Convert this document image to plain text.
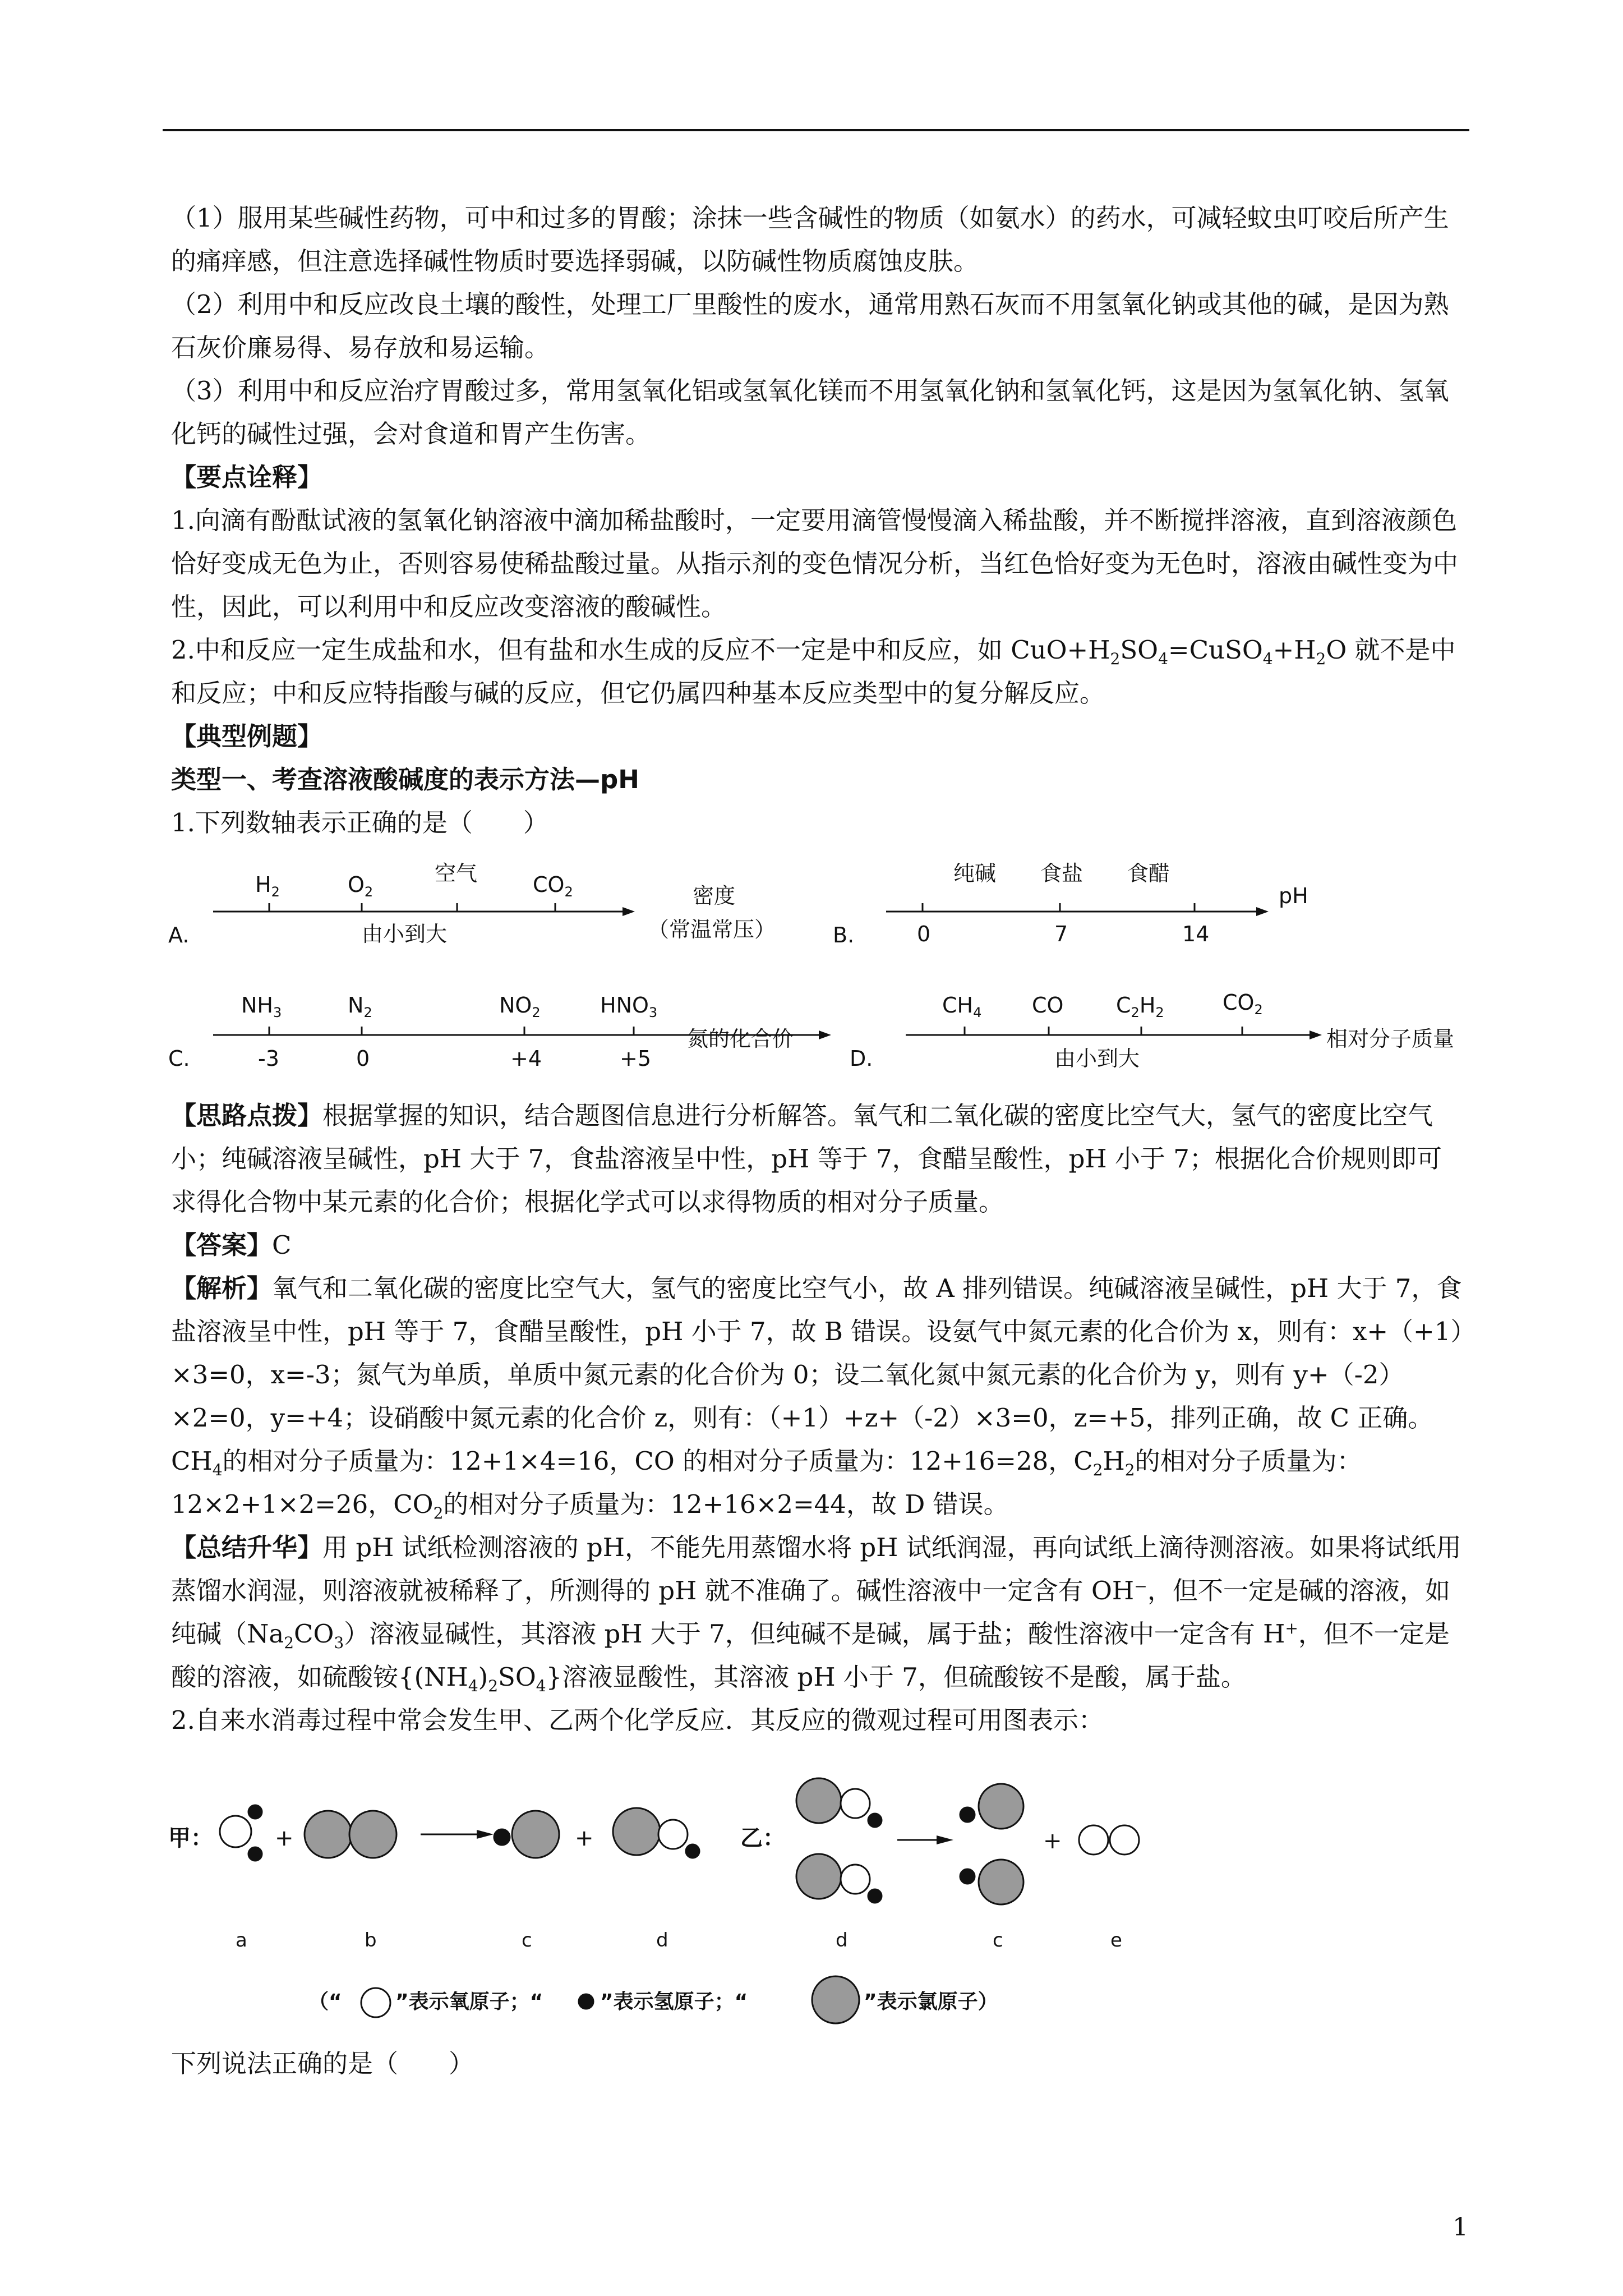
（1）服用某些碱性药物，可中和过多的胃酸；涂抹一些含碱性的物质（如氨水）的药水，可减轻蚊虫叮咬后所产生的痛痒感，但注意选择碱性物质时要选择弱碱，以防碱性物质腐蚀皮肤。

（2）利用中和反应改良土壤的酸性，处理工厂里酸性的废水，通常用熟石灰而不用氢氧化钠或其他的碱，是因为熟石灰价廉易得、易存放和易运输。

（3）利用中和反应治疗胃酸过多，常用氢氧化铝或氢氧化镁而不用氢氧化钠和氢氧化钙，这是因为氢氧化钠、氢氧化钙的碱性过强，会对食道和胃产生伤害。

【要点诠释】

1.向滴有酚酞试液的氢氧化钠溶液中滴加稀盐酸时，一定要用滴管慢慢滴入稀盐酸，并不断搅拌溶液，直到溶液颜色恰好变成无色为止，否则容易使稀盐酸过量。从指示剂的变色情况分析，当红色恰好变为无色时，溶液由碱性变为中性，因此，可以利用中和反应改变溶液的酸碱性。

2.中和反应一定生成盐和水，但有盐和水生成的反应不一定是中和反应，如 $CuO+H_2SO_4=CuSO_4+H_2O$ 就不是中和反应；中和反应特指酸与碱的反应，但它仍属四种基本反应类型中的复分解反应。

【典型例题】

类型一、考查溶液酸碱度的表示方法—pH

1.下列数轴表示正确的是（　　）

A.
$H_2$	$O_2$
空气	$CO_2$
由小到大
密度
（常温常压）	B.
纯碱 食盐 食醋
0	7	14
pH
C.
$NH_3$	$N_2$	$NO_2$	$HNO_3$
-3	0	+4	+5
氮的化合价
D.
$CH_4$ CO $C_2H_2$	$CO_2$
由小到大
相对分子质量

【思路点拨】根据掌握的知识，结合题图信息进行分析解答。氧气和二氧化碳的密度比空气大，氢气的密度比空气小；纯碱溶液呈碱性，pH 大于 7，食盐溶液呈中性，pH 等于 7，食醋呈酸性，pH 小于 7；根据化合价规则即可求得化合物中某元素的化合价；根据化学式可以求得物质的相对分子质量。

【答案】C

【解析】氧气和二氧化碳的密度比空气大，氢气的密度比空气小，故 A 排列错误。纯碱溶液呈碱性，pH 大于 7，食盐溶液呈中性，pH 等于 7，食醋呈酸性，pH 小于 7，故 B 错误。设氨气中氮元素的化合价为 x，则有：x+（+1）×3=0，x=-3；氮气为单质，单质中氮元素的化合价为 0；设二氧化氮中氮元素的化合价为 y，则有 y+（-2）×2=0，y=+4；设硝酸中氮元素的化合价 z，则有：（+1）+z+（-2）×3=0，z=+5，排列正确，故 C 正确。$CH_4$的相对分子质量为：12+1×4=16，CO 的相对分子质量为：12+16=28，$C_2H_2$的相对分子质量为：12×2+1×2=26，$CO_2$的相对分子质量为：12+16×2=44，故 D 错误。

【总结升华】用 pH 试纸检测溶液的 pH，不能先用蒸馏水将 pH 试纸润湿，再向试纸上滴待测溶液。如果将试纸用蒸馏水润湿，则溶液就被稀释了，所测得的 pH 就不准确了。碱性溶液中一定含有 OH⁻，但不一定是碱的溶液，如纯碱$(Na_2CO_3)$溶液显碱性，其溶液 pH 大于 7，但纯碱不是碱，属于盐；酸性溶液中一定含有 H+，但不一定是酸的溶液，如硫酸铵$\{(NH_4)_2SO_4\}$溶液显酸性，其溶液 pH 小于 7，但硫酸铵不是酸，属于盐。

2.自来水消毒过程中常会发生甲、乙两个化学反应．其反应的微观过程可用图表示：

甲：	+	+	乙：	+
a	b	c	d	d	c	e
（“	”表示氧原子；“	”表示氢原子；“	”表示氯原子）

下列说法正确的是（　　）

1
